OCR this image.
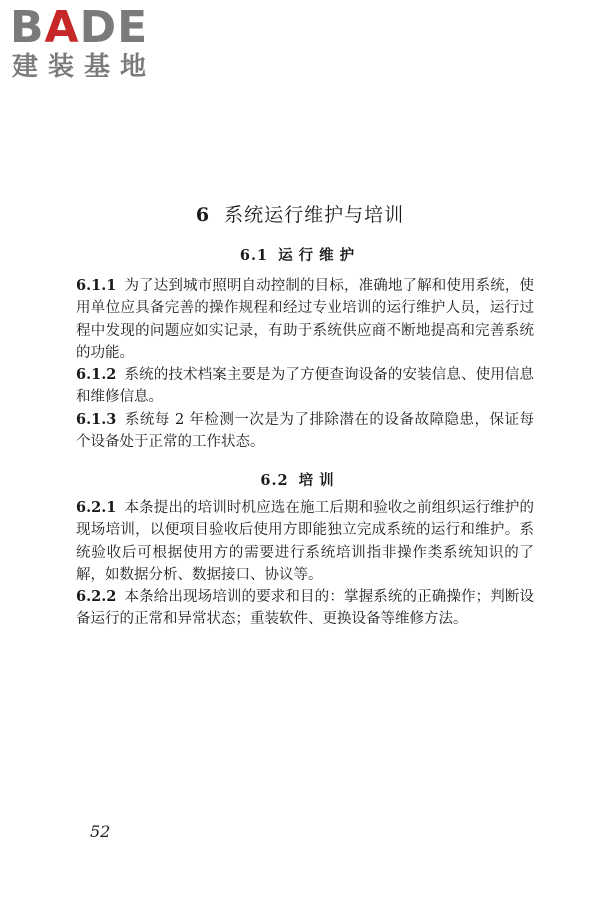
BADE
建装基地
6 系统运行维护与培训
6.1 运行维护

6.1.1 为了达到城市照明自动控制的目标，准确地了解和使用系统，使用单位应具备完善的操作规程和经过专业培训的运行维护人员，运行过程中发现的问题应如实记录，有助于系统供应商不断地提高和完善系统的功能。

6.1.2 系统的技术档案主要是为了方便查询设备的安装信息、使用信息和维修信息。

6.1.3 系统每 2 年检测一次是为了排除潜在的设备故障隐患，保证每个设备处于正常的工作状态。

6.2 培训

6.2.1 本条提出的培训时机应选在施工后期和验收之前组织运行维护的现场培训，以便项目验收后使用方即能独立完成系统的运行和维护。系统验收后可根据使用方的需要进行系统培训指非操作类系统知识的了解，如数据分析、数据接口、协议等。

6.2.2 本条给出现场培训的要求和目的：掌握系统的正确操作；判断设备运行的正常和异常状态；重装软件、更换设备等维修方法。

52
